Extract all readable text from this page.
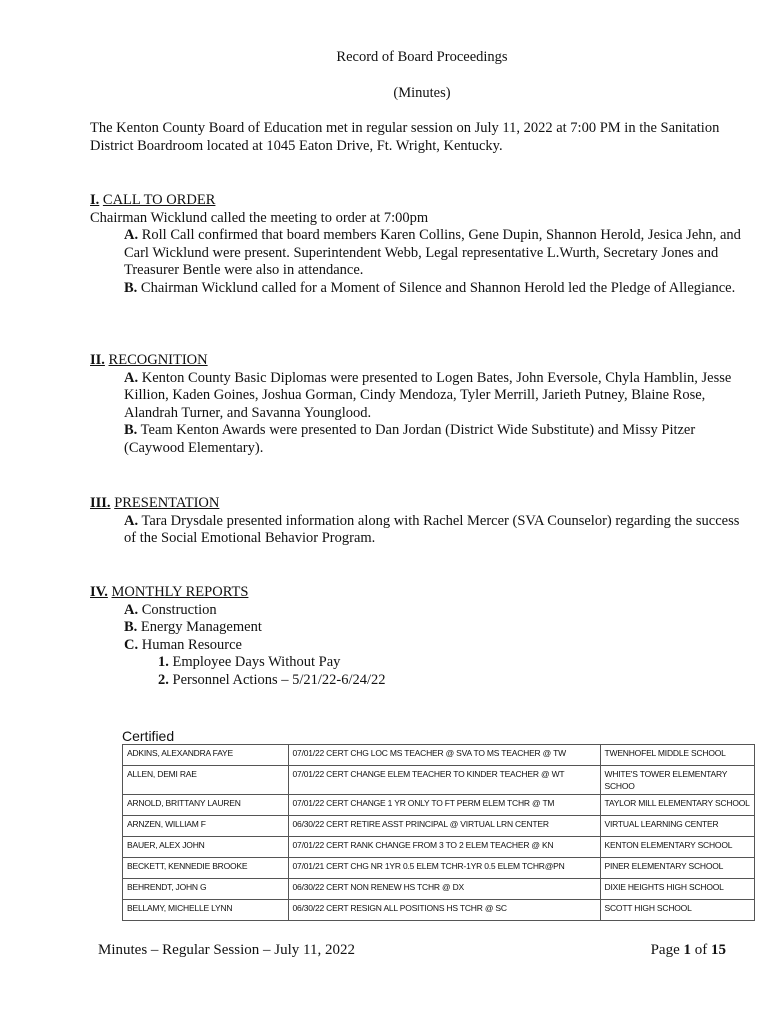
Record of Board Proceedings
(Minutes)
The Kenton County Board of Education met in regular session on July 11, 2022 at 7:00 PM in the Sanitation District Boardroom located at 1045 Eaton Drive, Ft. Wright, Kentucky.
I. CALL TO ORDER
Chairman Wicklund called the meeting to order at 7:00pm
A. Roll Call confirmed that board members Karen Collins, Gene Dupin, Shannon Herold, Jesica Jehn, and Carl Wicklund were present. Superintendent Webb, Legal representative L.Wurth, Secretary Jones and Treasurer Bentle were also in attendance.
B. Chairman Wicklund called for a Moment of Silence and Shannon Herold led the Pledge of Allegiance.
II. RECOGNITION
A. Kenton County Basic Diplomas were presented to Logen Bates, John Eversole, Chyla Hamblin, Jesse Killion, Kaden Goines, Joshua Gorman, Cindy Mendoza, Tyler Merrill, Jarieth Putney, Blaine Rose, Alandrah Turner, and Savanna Younglood.
B. Team Kenton Awards were presented to Dan Jordan (District Wide Substitute) and Missy Pitzer (Caywood Elementary).
III. PRESENTATION
A. Tara Drysdale presented information along with Rachel Mercer (SVA Counselor) regarding the success of the Social Emotional Behavior Program.
IV. MONTHLY REPORTS
A. Construction
B. Energy Management
C. Human Resource
1. Employee Days Without Pay
2. Personnel Actions – 5/21/22-6/24/22
Certified
ADKINS, ALEXANDRA FAYE	07/01/22 CERT CHG LOC MS TEACHER @ SVA TO MS TEACHER @ TW	TWENHOFEL MIDDLE SCHOOL
ALLEN, DEMI RAE	07/01/22 CERT CHANGE ELEM TEACHER TO KINDER TEACHER @ WT	WHITE'S TOWER ELEMENTARY SCHOO
ARNOLD, BRITTANY LAUREN	07/01/22 CERT CHANGE 1 YR ONLY TO FT PERM ELEM TCHR @ TM	TAYLOR MILL ELEMENTARY SCHOOL
ARNZEN, WILLIAM F	06/30/22 CERT RETIRE ASST PRINCIPAL @ VIRTUAL LRN CENTER	VIRTUAL LEARNING CENTER
BAUER, ALEX JOHN	07/01/22 CERT RANK CHANGE FROM 3 TO 2 ELEM TEACHER @ KN	KENTON ELEMENTARY SCHOOL
BECKETT, KENNEDIE BROOKE	07/01/21 CERT CHG NR 1YR 0.5 ELEM TCHR-1YR 0.5 ELEM TCHR@PN	PINER ELEMENTARY SCHOOL
BEHRENDT, JOHN G	06/30/22 CERT NON RENEW HS TCHR @ DX	DIXIE HEIGHTS HIGH SCHOOL
BELLAMY, MICHELLE LYNN	06/30/22 CERT RESIGN ALL POSITIONS HS TCHR @ SC	SCOTT HIGH SCHOOL
Minutes – Regular Session – July 11, 2022	Page 1 of 15
